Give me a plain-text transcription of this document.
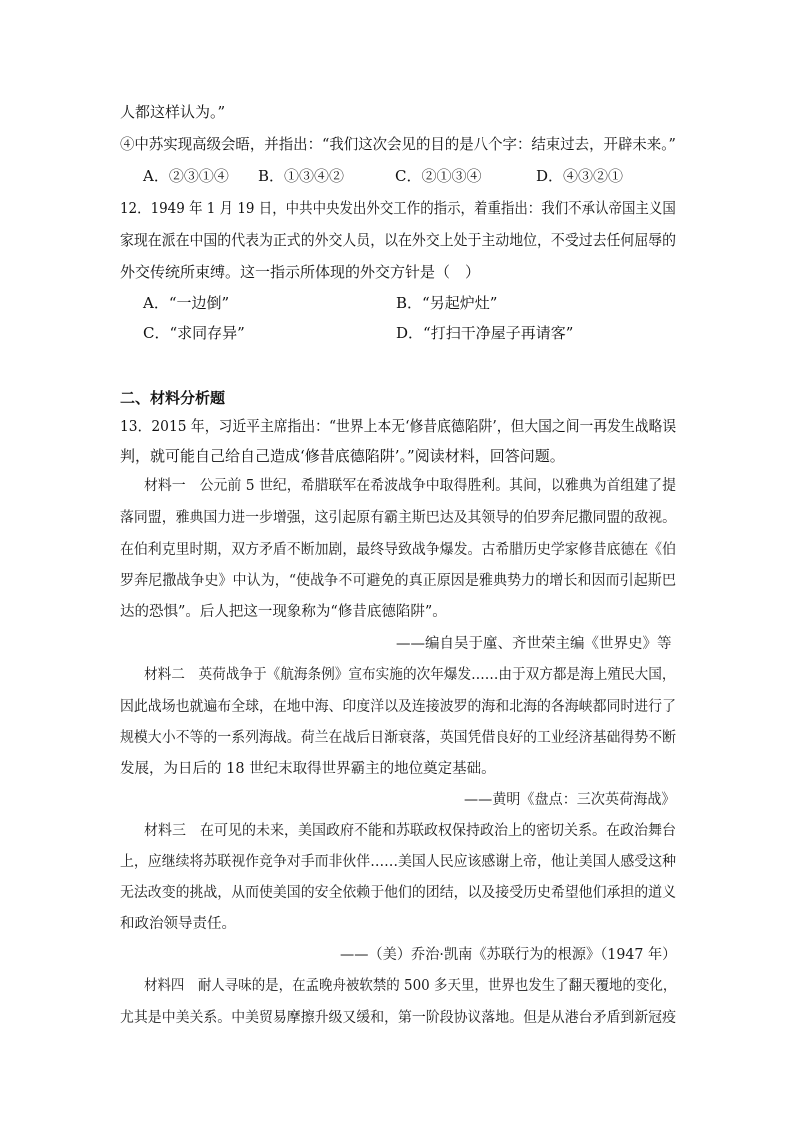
人都这样认为。”
④中苏实现高级会晤，并指出：“我们这次会见的目的是八个字：结束过去，开辟未来。”
A．②③①④ B．①③④②	C．②①③④	D．④③②①
12．1949 年 1 月 19 日，中共中央发出外交工作的指示，着重指出：我们不承认帝国主义国
家现在派在中国的代表为正式的外交人员，以在外交上处于主动地位，不受过去任何屈辱的
外交传统所束缚。这一指示所体现的外交方针是（　）
A．“一边倒”	B．“另起炉灶”
C．“求同存异”	D．“打扫干净屋子再请客”
二、材料分析题
13．2015 年，习近平主席指出：“世界上本无‘修昔底德陷阱’，但大国之间一再发生战略误
判，就可能自己给自己造成‘修昔底德陷阱’。”阅读材料，回答问题。
材料一　公元前 5 世纪，希腊联军在希波战争中取得胜利。其间，以雅典为首组建了提
落同盟，雅典国力进一步增强，这引起原有霸主斯巴达及其领导的伯罗奔尼撒同盟的敌视。
在伯利克里时期，双方矛盾不断加剧，最终导致战争爆发。古希腊历史学家修昔底德在《伯
罗奔尼撒战争史》中认为，“使战争不可避免的真正原因是雅典势力的增长和因而引起斯巴
达的恐惧”。后人把这一现象称为“修昔底德陷阱”。
——编自吴于廑、齐世荣主编《世界史》等
材料二　英荷战争于《航海条例》宣布实施的次年爆发……由于双方都是海上殖民大国，
因此战场也就遍布全球，在地中海、印度洋以及连接波罗的海和北海的各海峡都同时进行了
规模大小不等的一系列海战。荷兰在战后日渐衰落，英国凭借良好的工业经济基础得势不断
发展，为日后的 18 世纪末取得世界霸主的地位奠定基础。
——黄明《盘点：三次英荷海战》
材料三　在可见的未来，美国政府不能和苏联政权保持政治上的密切关系。在政治舞台
上，应继续将苏联视作竞争对手而非伙伴……美国人民应该感谢上帝，他让美国人感受这种
无法改变的挑战，从而使美国的安全依赖于他们的团结，以及接受历史希望他们承担的道义
和政治领导责任。
——（美）乔治·凯南《苏联行为的根源》（1947 年）
材料四　耐人寻味的是，在孟晚舟被软禁的 500 多天里，世界也发生了翻天覆地的变化，
尤其是中美关系。中美贸易摩擦升级又缓和，第一阶段协议落地。但是从港台矛盾到新冠疫
